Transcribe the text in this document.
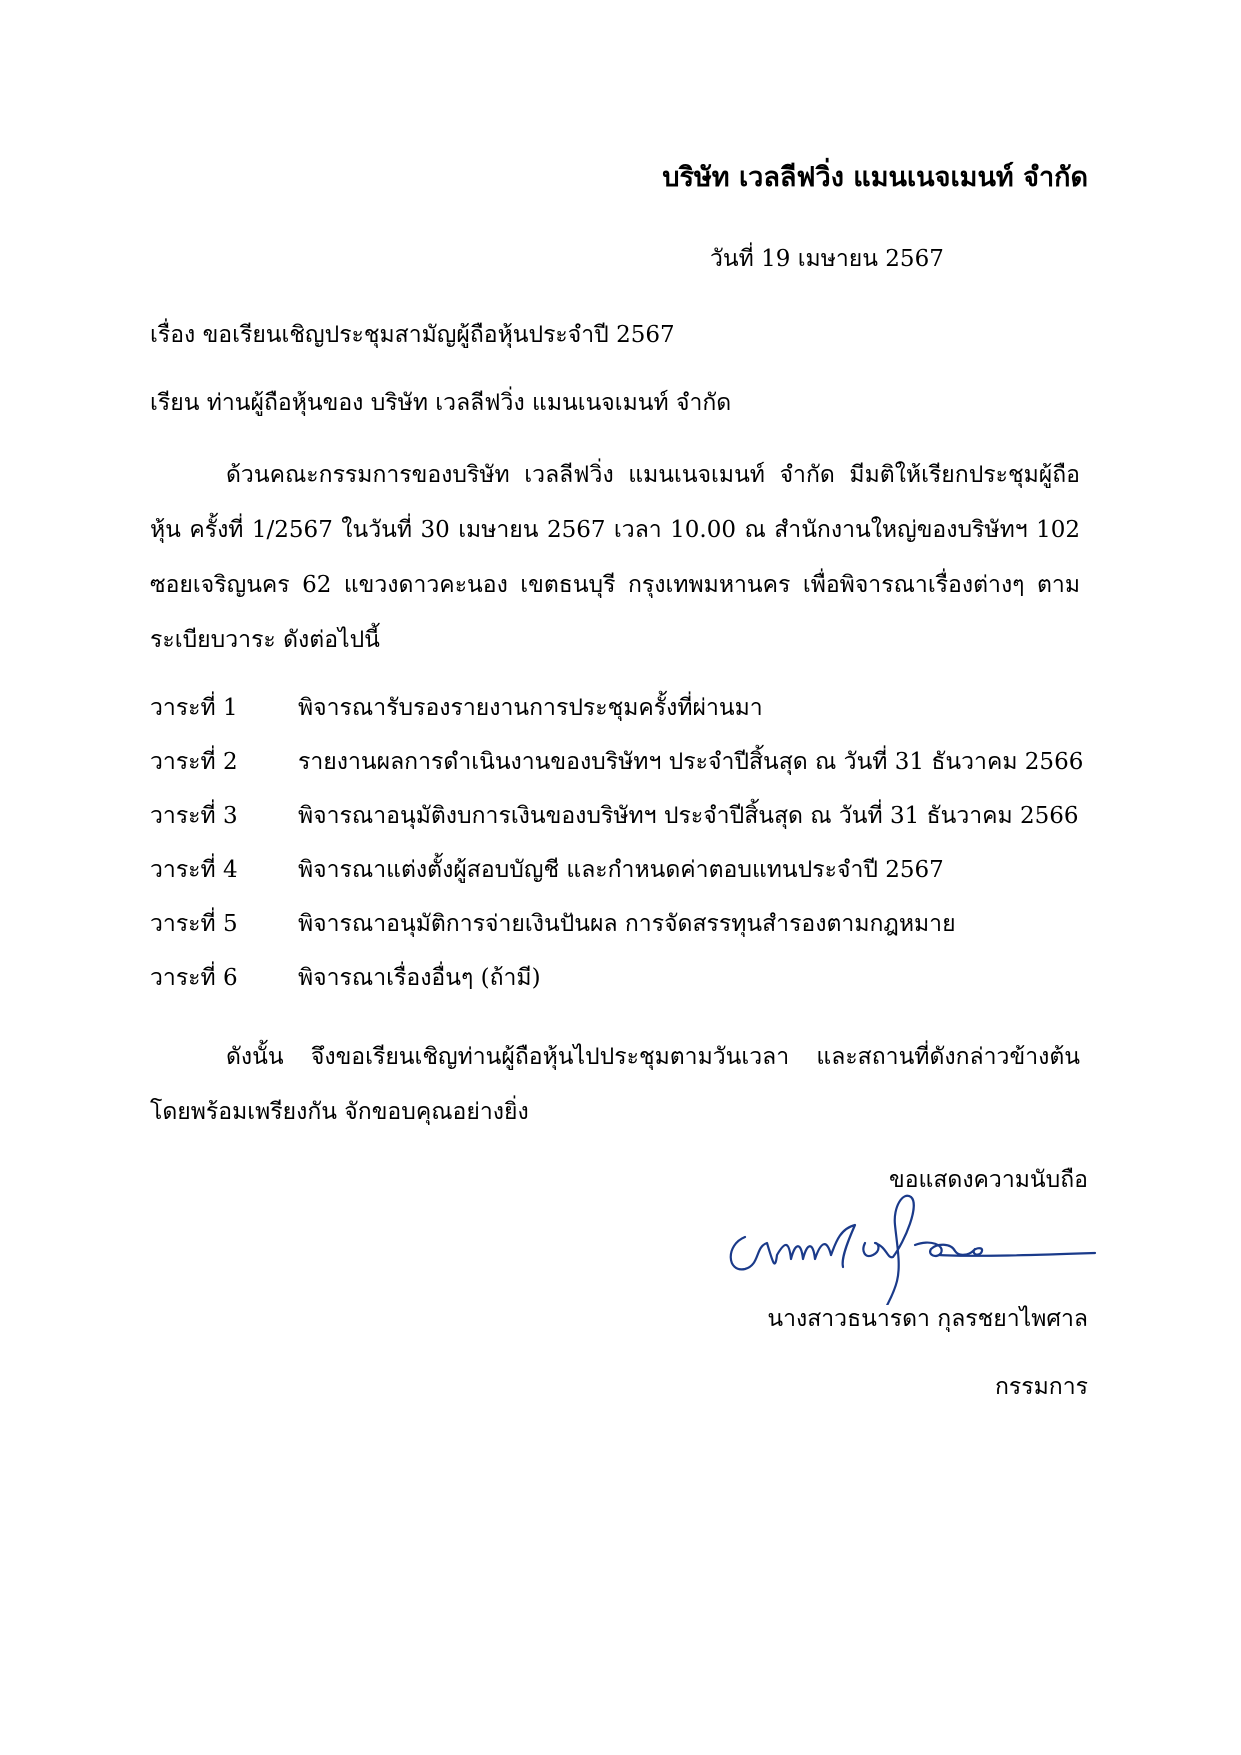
บริษัท เวลลีฟวิ่ง แมนเนจเมนท์ จำกัด
วันที่ 19 เมษายน 2567
เรื่อง ขอเรียนเชิญประชุมสามัญผู้ถือหุ้นประจำปี 2567
เรียน ท่านผู้ถือหุ้นของ บริษัท เวลลีฟวิ่ง แมนเนจเมนท์ จำกัด
ด้วนคณะกรรมการของบริษัท เวลลีฟวิ่ง แมนเนจเมนท์ จำกัด มีมติให้เรียกประชุมผู้ถือหุ้น ครั้งที่ 1/2567 ในวันที่ 30 เมษายน 2567 เวลา 10.00 ณ สำนักงานใหญ่ของบริษัทฯ 102 ซอยเจริญนคร 62 แขวงดาวคะนอง เขตธนบุรี กรุงเทพมหานคร เพื่อพิจารณาเรื่องต่างๆ ตามระเบียบวาระ ดังต่อไปนี้
วาระที่ 1	พิจารณารับรองรายงานการประชุมครั้งที่ผ่านมา
วาระที่ 2	รายงานผลการดำเนินงานของบริษัทฯ ประจำปีสิ้นสุด ณ วันที่ 31 ธันวาคม 2566
วาระที่ 3	พิจารณาอนุมัติงบการเงินของบริษัทฯ ประจำปีสิ้นสุด ณ วันที่ 31 ธันวาคม 2566
วาระที่ 4	พิจารณาแต่งตั้งผู้สอบบัญชี และกำหนดค่าตอบแทนประจำปี 2567
วาระที่ 5	พิจารณาอนุมัติการจ่ายเงินปันผล การจัดสรรทุนสำรองตามกฎหมาย
วาระที่ 6	พิจารณาเรื่องอื่นๆ (ถ้ามี)
ดังนั้น จึงขอเรียนเชิญท่านผู้ถือหุ้นไปประชุมตามวันเวลา และสถานที่ดังกล่าวข้างต้น โดยพร้อมเพรียงกัน จักขอบคุณอย่างยิ่ง
ขอแสดงความนับถือ
นางสาวธนารดา กุลรชยาไพศาล
กรรมการ
